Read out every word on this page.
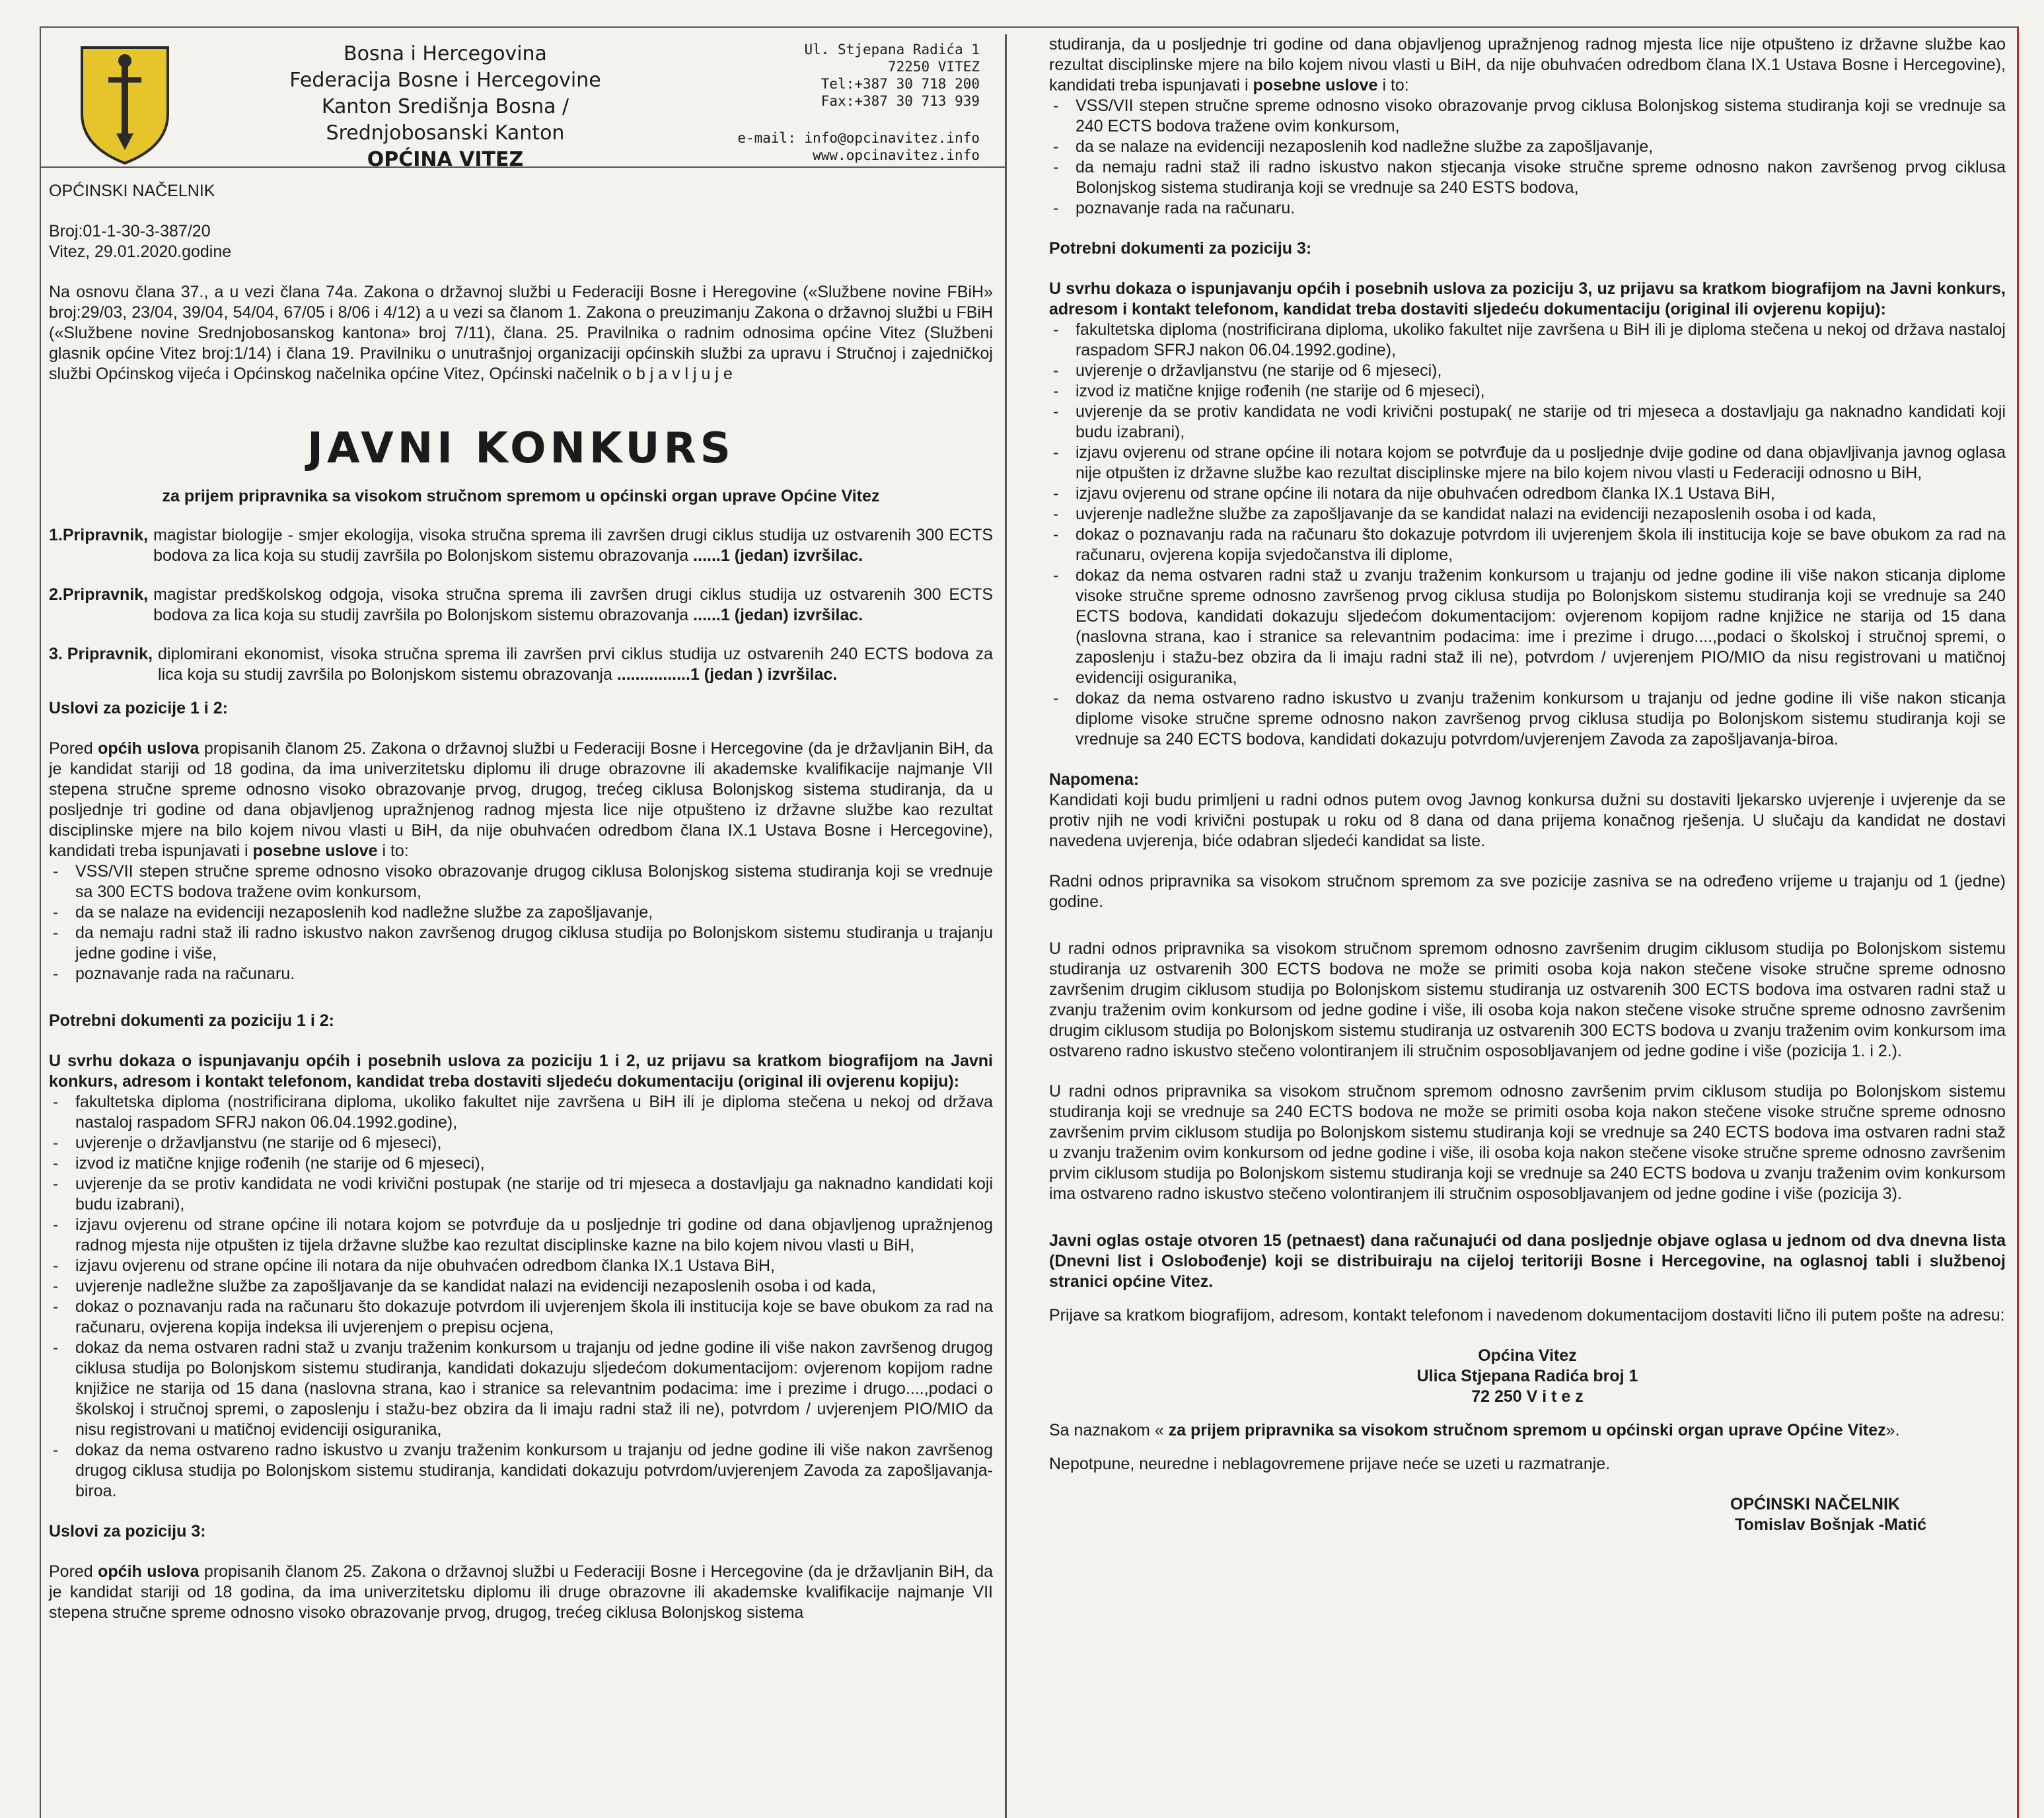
Bosna i Hercegovina
Federacija Bosne i Hercegovine
Kanton Središnja Bosna / Srednjobosanski Kanton
OPĆINA VITEZ
Ul. Stjepana Radića 1
72250 VITEZ
Tel:+387 30 718 200
Fax:+387 30 713 939
e-mail: info@opcinavitez.info
www.opcinavitez.info

OPĆINSKI NAČELNIK

Broj:01-1-30-3-387/20

Vitez, 29.01.2020.godine

Na osnovu člana 37., a u vezi člana 74a. Zakona o državnoj službi u Federaciji Bosne i Heregovine («Službene novine FBiH» broj:29/03, 23/04, 39/04, 54/04, 67/05 i 8/06 i 4/12) a u vezi sa članom 1. Zakona o preuzimanju Zakona o državnoj službi u FBiH («Službene novine Srednjobosanskog kantona» broj 7/11), člana. 25. Pravilnika o radnim odnosima općine Vitez (Službeni glasnik općine Vitez broj:1/14) i člana 19. Pravilniku o unutrašnjoj organizaciji općinskih službi za upravu i Stručnoj i zajedničkoj službi Općinskog vijeća i Općinskog načelnika općine Vitez, Općinski načelnik o b j a v l j u j e

JAVNI KONKURS
za prijem pripravnika sa visokom stručnom spremom u općinski organ uprave Općine Vitez
1.Pripravnik, magistar biologije - smjer ekologija, visoka stručna sprema ili završen drugi ciklus studija uz ostvarenih 300 ECTS bodova za lica koja su studij završila po Bolonjskom sistemu obrazovanja ......1 (jedan) izvršilac.
2.Pripravnik, magistar predškolskog odgoja, visoka stručna sprema ili završen drugi ciklus studija uz ostvarenih 300 ECTS bodova za lica koja su studij završila po Bolonjskom sistemu obrazovanja ......1 (jedan) izvršilac.
3. Pripravnik, diplomirani ekonomist, visoka stručna sprema ili završen prvi ciklus studija uz ostvarenih 240 ECTS bodova za lica koja su studij završila po Bolonjskom sistemu obrazovanja ................1 (jedan ) izvršilac.

Uslovi za pozicije 1 i 2:

Pored općih uslova propisanih članom 25. Zakona o državnoj službi u Federaciji Bosne i Hercegovine (da je državljanin BiH, da je kandidat stariji od 18 godina, da ima univerzitetsku diplomu ili druge obrazovne ili akademske kvalifikacije najmanje VII stepena stručne spreme odnosno visoko obrazovanje prvog, drugog, trećeg ciklusa Bolonjskog sistema studiranja, da u posljednje tri godine od dana objavljenog upražnjenog radnog mjesta lice nije otpušteno iz državne službe kao rezultat disciplinske mjere na bilo kojem nivou vlasti u BiH, da nije obuhvaćen odredbom člana IX.1 Ustava Bosne i Hercegovine), kandidati treba ispunjavati i posebne uslove i to:

- VSS/VII stepen stručne spreme odnosno visoko obrazovanje drugog ciklusa Bolonjskog sistema studiranja koji se vrednuje sa 300 ECTS bodova tražene ovim konkursom,
- da se nalaze na evidenciji nezaposlenih kod nadležne službe za zapošljavanje,
- da nemaju radni staž ili radno iskustvo nakon završenog drugog ciklusa studija po Bolonjskom sistemu studiranja u trajanju jedne godine i više,
- poznavanje rada na računaru.

Potrebni dokumenti za poziciju 1 i 2:

U svrhu dokaza o ispunjavanju općih i posebnih uslova za poziciju 1 i 2, uz prijavu sa kratkom biografijom na Javni konkurs, adresom i kontakt telefonom, kandidat treba dostaviti sljedeću dokumentaciju (original ili ovjerenu kopiju):

- fakultetska diploma (nostrificirana diploma, ukoliko fakultet nije završena u BiH ili je diploma stečena u nekoj od država nastaloj raspadom SFRJ nakon 06.04.1992.godine),
- uvjerenje o državljanstvu (ne starije od 6 mjeseci),
- izvod iz matične knjige rođenih (ne starije od 6 mjeseci),
- uvjerenje da se protiv kandidata ne vodi krivični postupak (ne starije od tri mjeseca a dostavljaju ga naknadno kandidati koji budu izabrani),
- izjavu ovjerenu od strane općine ili notara kojom se potvrđuje da u posljednje tri godine od dana objavljenog upražnjenog radnog mjesta nije otpušten iz tijela državne službe kao rezultat disciplinske kazne na bilo kojem nivou vlasti u BiH,
- izjavu ovjerenu od strane općine ili notara da nije obuhvaćen odredbom članka IX.1 Ustava BiH,
- uvjerenje nadležne službe za zapošljavanje da se kandidat nalazi na evidenciji nezaposlenih osoba i od kada,
- dokaz o poznavanju rada na računaru što dokazuje potvrdom ili uvjerenjem škola ili institucija koje se bave obukom za rad na računaru, ovjerena kopija indeksa ili uvjerenjem o prepisu ocjena,
- dokaz da nema ostvaren radni staž u zvanju traženim konkursom u trajanju od jedne godine ili više nakon završenog drugog ciklusa studija po Bolonjskom sistemu studiranja, kandidati dokazuju sljedećom dokumentacijom: ovjerenom kopijom radne knjižice ne starija od 15 dana (naslovna strana, kao i stranice sa relevantnim podacima: ime i prezime i drugo....,podaci o školskoj i stručnoj spremi, o zaposlenju i stažu-bez obzira da li imaju radni staž ili ne), potvrdom / uvjerenjem PIO/MIO da nisu registrovani u matičnoj evidenciji osiguranika,
- dokaz da nema ostvareno radno iskustvo u zvanju traženim konkursom u trajanju od jedne godine ili više nakon završenog drugog ciklusa studija po Bolonjskom sistemu studiranja, kandidati dokazuju potvrdom/uvjerenjem Zavoda za zapošljavanja-biroa.

Uslovi za poziciju 3:

Pored općih uslova propisanih članom 25. Zakona o državnoj službi u Federaciji Bosne i Hercegovine (da je državljanin BiH, da je kandidat stariji od 18 godina, da ima univerzitetsku diplomu ili druge obrazovne ili akademske kvalifikacije najmanje VII stepena stručne spreme odnosno visoko obrazovanje prvog, drugog, trećeg ciklusa Bolonjskog sistema

studiranja, da u posljednje tri godine od dana objavljenog upražnjenog radnog mjesta lice nije otpušteno iz državne službe kao rezultat disciplinske mjere na bilo kojem nivou vlasti u BiH, da nije obuhvaćen odredbom člana IX.1 Ustava Bosne i Hercegovine), kandidati treba ispunjavati i posebne uslove i to:

- VSS/VII stepen stručne spreme odnosno visoko obrazovanje prvog ciklusa Bolonjskog sistema studiranja koji se vrednuje sa 240 ECTS bodova tražene ovim konkursom,
- da se nalaze na evidenciji nezaposlenih kod nadležne službe za zapošljavanje,
- da nemaju radni staž ili radno iskustvo nakon stjecanja visoke stručne spreme odnosno nakon završenog prvog ciklusa Bolonjskog sistema studiranja koji se vrednuje sa 240 ESTS bodova,
- poznavanje rada na računaru.

Potrebni dokumenti za poziciju 3:

U svrhu dokaza o ispunjavanju općih i posebnih uslova za poziciju 3, uz prijavu sa kratkom biografijom na Javni konkurs, adresom i kontakt telefonom, kandidat treba dostaviti sljedeću dokumentaciju (original ili ovjerenu kopiju):

- fakultetska diploma (nostrificirana diploma, ukoliko fakultet nije završena u BiH ili je diploma stečena u nekoj od država nastaloj raspadom SFRJ nakon 06.04.1992.godine),
- uvjerenje o državljanstvu (ne starije od 6 mjeseci),
- izvod iz matične knjige rođenih (ne starije od 6 mjeseci),
- uvjerenje da se protiv kandidata ne vodi krivični postupak( ne starije od tri mjeseca a dostavljaju ga naknadno kandidati koji budu izabrani),
- izjavu ovjerenu od strane općine ili notara kojom se potvrđuje da u posljednje dvije godine od dana objavljivanja javnog oglasa nije otpušten iz državne službe kao rezultat disciplinske mjere na bilo kojem nivou vlasti u Federaciji odnosno u BiH,
- izjavu ovjerenu od strane općine ili notara da nije obuhvaćen odredbom članka IX.1 Ustava BiH,
- uvjerenje nadležne službe za zapošljavanje da se kandidat nalazi na evidenciji nezaposlenih osoba i od kada,
- dokaz o poznavanju rada na računaru što dokazuje potvrdom ili uvjerenjem škola ili institucija koje se bave obukom za rad na računaru, ovjerena kopija svjedočanstva ili diplome,
- dokaz da nema ostvaren radni staž u zvanju traženim konkursom u trajanju od jedne godine ili više nakon sticanja diplome visoke stručne spreme odnosno završenog prvog ciklusa studija po Bolonjskom sistemu studiranja koji se vrednuje sa 240 ECTS bodova, kandidati dokazuju sljedećom dokumentacijom: ovjerenom kopijom radne knjižice ne starija od 15 dana (naslovna strana, kao i stranice sa relevantnim podacima: ime i prezime i drugo....,podaci o školskoj i stručnoj spremi, o zaposlenju i stažu-bez obzira da li imaju radni staž ili ne), potvrdom / uvjerenjem PIO/MIO da nisu registrovani u matičnoj evidenciji osiguranika,
- dokaz da nema ostvareno radno iskustvo u zvanju traženim konkursom u trajanju od jedne godine ili više nakon sticanja diplome visoke stručne spreme odnosno nakon završenog prvog ciklusa studija po Bolonjskom sistemu studiranja koji se vrednuje sa 240 ECTS bodova, kandidati dokazuju potvrdom/uvjerenjem Zavoda za zapošljavanja-biroa.

Napomena:

Kandidati koji budu primljeni u radni odnos putem ovog Javnog konkursa dužni su dostaviti ljekarsko uvjerenje i uvjerenje da se protiv njih ne vodi krivični postupak u roku od 8 dana od dana prijema konačnog rješenja. U slučaju da kandidat ne dostavi navedena uvjerenja, biće odabran sljedeći kandidat sa liste.

Radni odnos pripravnika sa visokom stručnom spremom za sve pozicije zasniva se na određeno vrijeme u trajanju od 1 (jedne) godine.

U radni odnos pripravnika sa visokom stručnom spremom odnosno završenim drugim ciklusom studija po Bolonjskom sistemu studiranja uz ostvarenih 300 ECTS bodova ne može se primiti osoba koja nakon stečene visoke stručne spreme odnosno završenim drugim ciklusom studija po Bolonjskom sistemu studiranja uz ostvarenih 300 ECTS bodova ima ostvaren radni staž u zvanju traženim ovim konkursom od jedne godine i više, ili osoba koja nakon stečene visoke stručne spreme odnosno završenim drugim ciklusom studija po Bolonjskom sistemu studiranja uz ostvarenih 300 ECTS bodova u zvanju traženim ovim konkursom ima ostvareno radno iskustvo stečeno volontiranjem ili stručnim osposobljavanjem od jedne godine i više (pozicija 1. i 2.).

U radni odnos pripravnika sa visokom stručnom spremom odnosno završenim prvim ciklusom studija po Bolonjskom sistemu studiranja koji se vrednuje sa 240 ECTS bodova ne može se primiti osoba koja nakon stečene visoke stručne spreme odnosno završenim prvim ciklusom studija po Bolonjskom sistemu studiranja koji se vrednuje sa 240 ECTS bodova ima ostvaren radni staž u zvanju traženim ovim konkursom od jedne godine i više, ili osoba koja nakon stečene visoke stručne spreme odnosno završenim prvim ciklusom studija po Bolonjskom sistemu studiranja koji se vrednuje sa 240 ECTS bodova u zvanju traženim ovim konkursom ima ostvareno radno iskustvo stečeno volontiranjem ili stručnim osposobljavanjem od jedne godine i više (pozicija 3).

Javni oglas ostaje otvoren 15 (petnaest) dana računajući od dana posljednje objave oglasa u jednom od dva dnevna lista (Dnevni list i Oslobođenje) koji se distribuiraju na cijeloj teritoriji Bosne i Hercegovine, na oglasnoj tabli i službenoj stranici općine Vitez.

Prijave sa kratkom biografijom, adresom, kontakt telefonom i navedenom dokumentacijom dostaviti lično ili putem pošte na adresu:

Općina Vitez
Ulica Stjepana Radića broj 1
72 250 V i t e z

Sa naznakom « za prijem pripravnika sa visokom stručnom spremom u općinski organ uprave Općine Vitez».

Nepotpune, neuredne i neblagovremene prijave neće se uzeti u razmatranje.

OPĆINSKI NAČELNIK

Tomislav Bošnjak -Matić
